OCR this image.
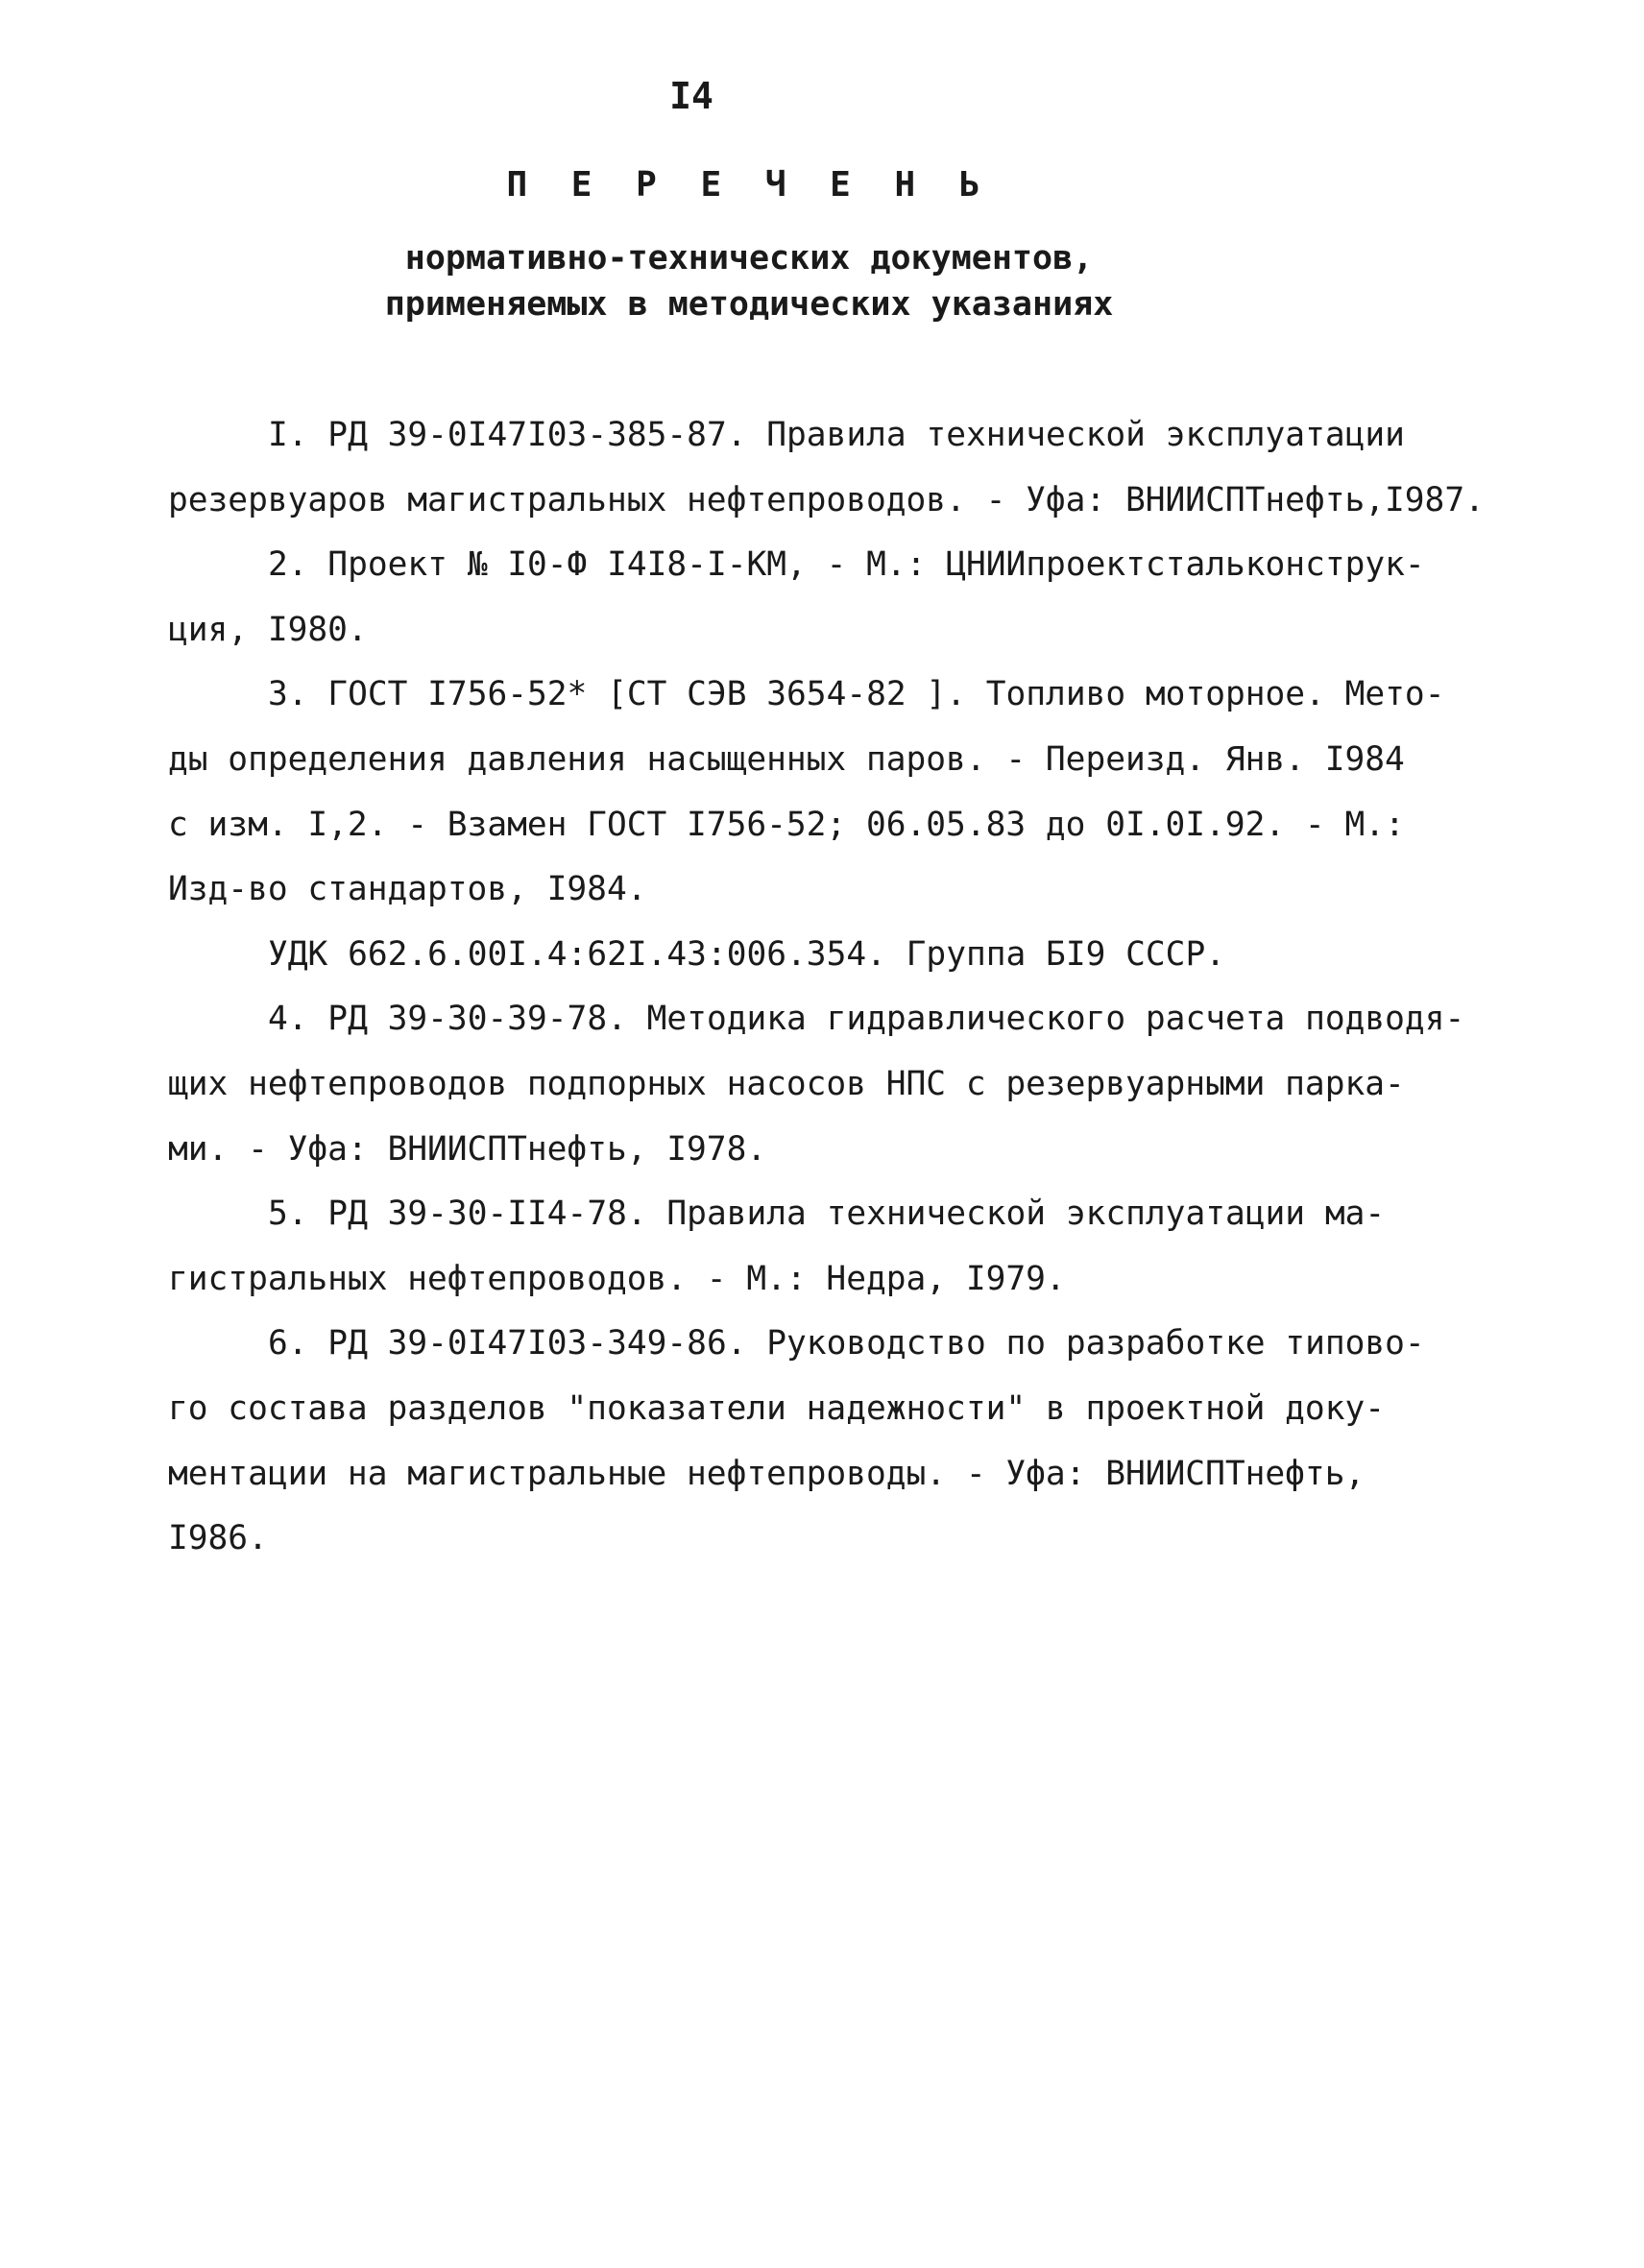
I4
П Е Р Е Ч Е Н Ь
нормативно-технических документов,
применяемых в методических указаниях

I. РД 39-0I47I03-385-87. Правила технической эксплуатации
резервуаров магистральных нефтепроводов. - Уфа: ВНИИСПТнефть,I987.

2. Проект № I0-Ф I4I8-I-КМ, - М.: ЦНИИпроектстальконструк-
ция, I980.

3. ГОСТ I756-52* [СТ СЭВ 3654-82 ]. Топливо моторное. Мето-
ды определения давления насыщенных паров. - Переизд. Янв. I984
с изм. I,2. - Взамен ГОСТ I756-52; 06.05.83 до 0I.0I.92. - М.:
Изд-во стандартов, I984.

УДК 662.6.00I.4:62I.43:006.354. Группа БI9 СССР.

4. РД 39-30-39-78. Методика гидравлического расчета подводя-
щих нефтепроводов подпорных насосов НПС с резервуарными парка-
ми. - Уфа: ВНИИСПТнефть, I978.

5. РД 39-30-II4-78. Правила технической эксплуатации ма-
гистральных нефтепроводов. - М.: Недра, I979.

6. РД 39-0I47I03-349-86. Руководство по разработке типово-
го состава разделов "показатели надежности" в проектной доку-
ментации на магистральные нефтепроводы. - Уфа: ВНИИСПТнефть,
I986.
